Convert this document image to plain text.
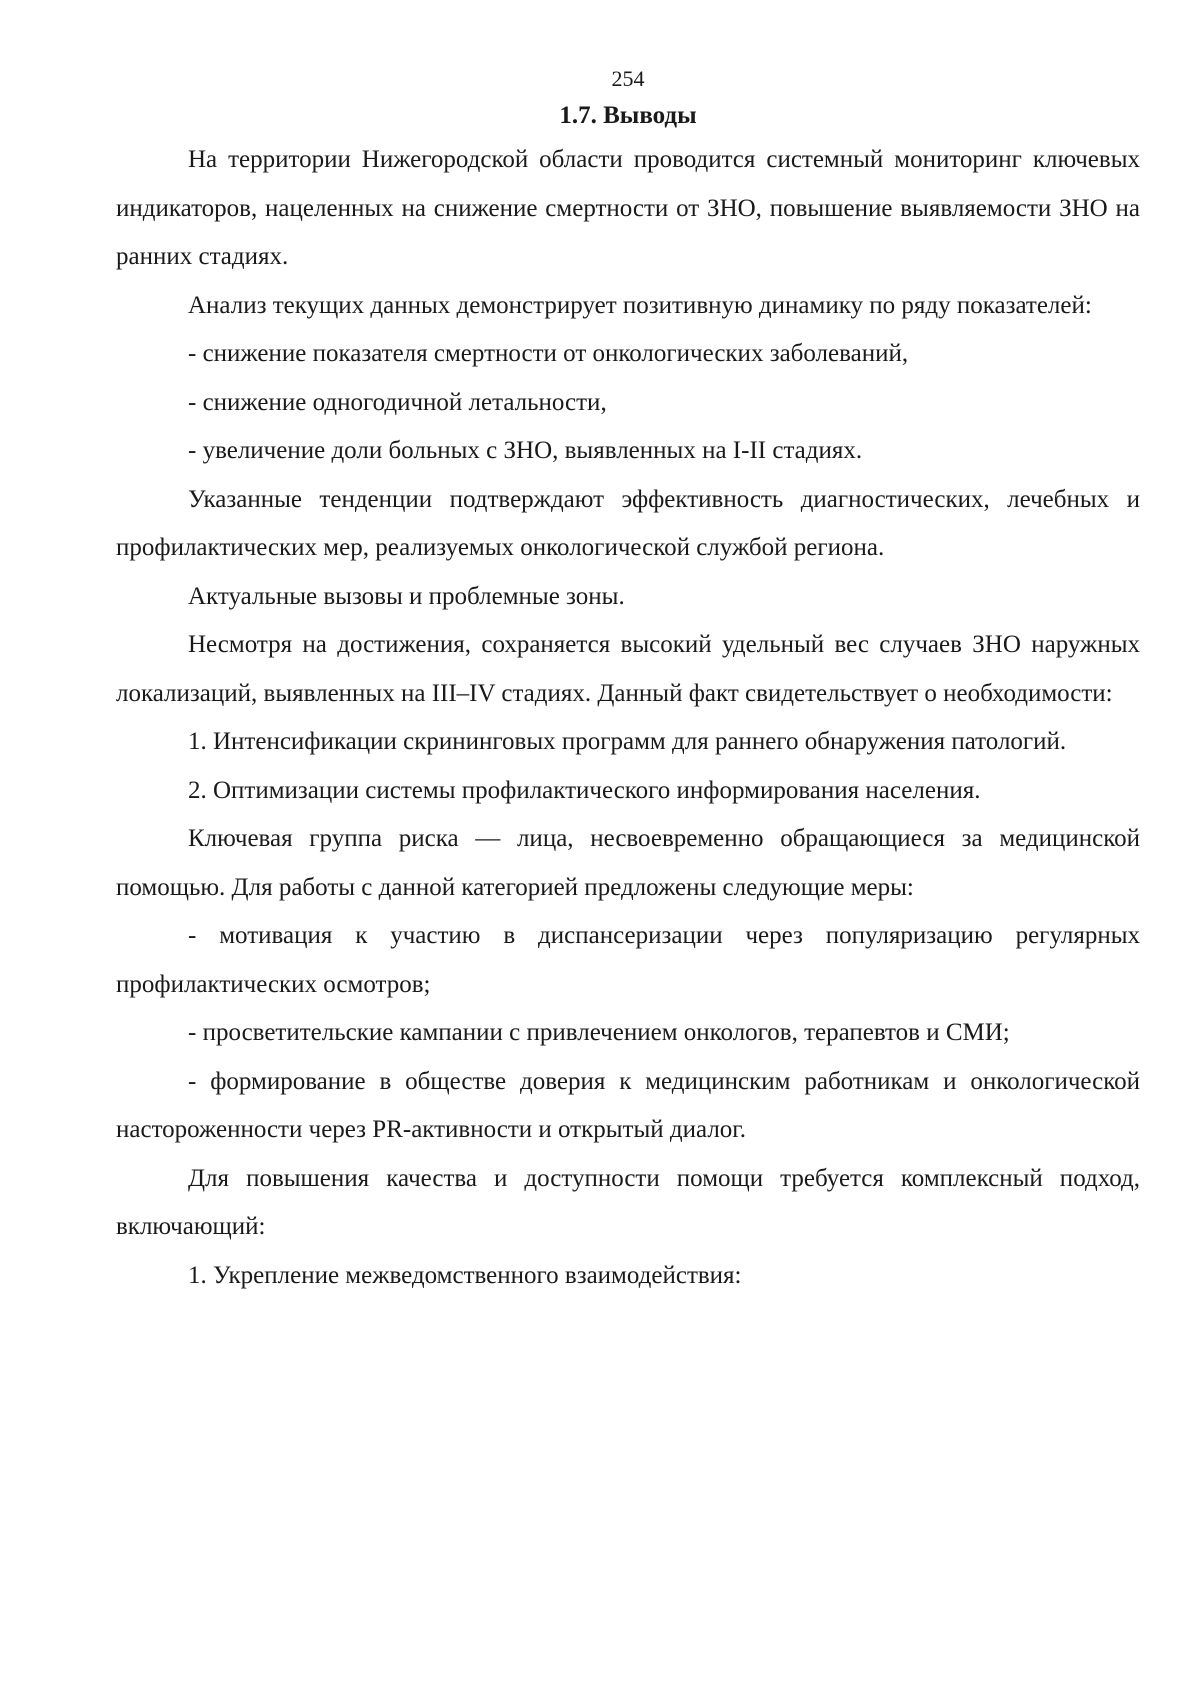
254

1.7. Выводы

На территории Нижегородской области проводится системный мониторинг ключевых индикаторов, нацеленных на снижение смертности от ЗНО, повышение выявляемости ЗНО на ранних стадиях.

Анализ текущих данных демонстрирует позитивную динамику по ряду показателей:

- снижение показателя смертности от онкологических заболеваний,

- снижение одногодичной летальности,

- увеличение доли больных с ЗНО, выявленных на I-II стадиях.

Указанные тенденции подтверждают эффективность диагностических, лечебных и профилактических мер, реализуемых онкологической службой региона.

Актуальные вызовы и проблемные зоны.

Несмотря на достижения, сохраняется высокий удельный вес случаев ЗНО наружных локализаций, выявленных на III–IV стадиях. Данный факт свидетельствует о необходимости:

1. Интенсификации скрининговых программ для раннего обнаружения патологий.

2. Оптимизации системы профилактического информирования населения.

Ключевая группа риска — лица, несвоевременно обращающиеся за медицинской помощью. Для работы с данной категорией предложены следующие меры:

- мотивация к участию в диспансеризации через популяризацию регулярных профилактических осмотров;

- просветительские кампании с привлечением онкологов, терапевтов и СМИ;

- формирование в обществе доверия к медицинским работникам и онкологической настороженности через PR-активности и открытый диалог.

Для повышения качества и доступности помощи требуется комплексный подход, включающий:

1. Укрепление межведомственного взаимодействия:
